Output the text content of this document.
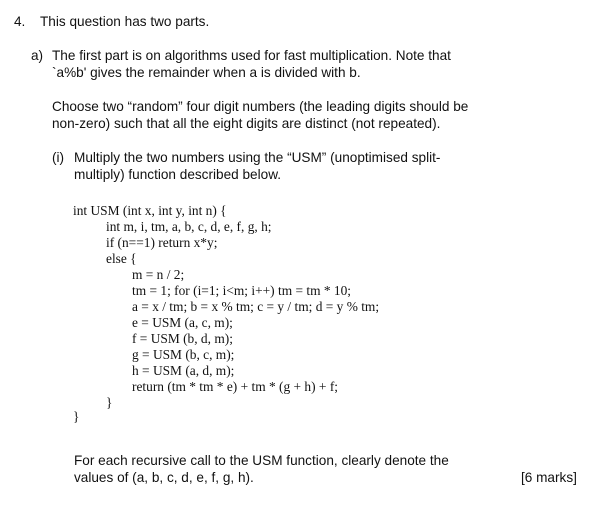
4. This question has two parts.
a) The first part is on algorithms used for fast multiplication. Note that
`a%b' gives the remainder when a is divided with b.
Choose two “random” four digit numbers (the leading digits should be
non-zero) such that all the eight digits are distinct (not repeated).
(i) Multiply the two numbers using the “USM” (unoptimised split-
multiply) function described below.
int USM (int x, int y, int n) {
int m, i, tm, a, b, c, d, e, f, g, h;
if (n==1) return x*y;
else {
m = n / 2;
tm = 1; for (i=1; i<m; i++) tm = tm * 10;
a = x / tm; b = x % tm; c = y / tm; d = y % tm;
e = USM (a, c, m);
f = USM (b, d, m);
g = USM (b, c, m);
h = USM (a, d, m);
return (tm * tm * e) + tm * (g + h) + f;
}
}
For each recursive call to the USM function, clearly denote the
values of (a, b, c, d, e, f, g, h).	[6 marks]
